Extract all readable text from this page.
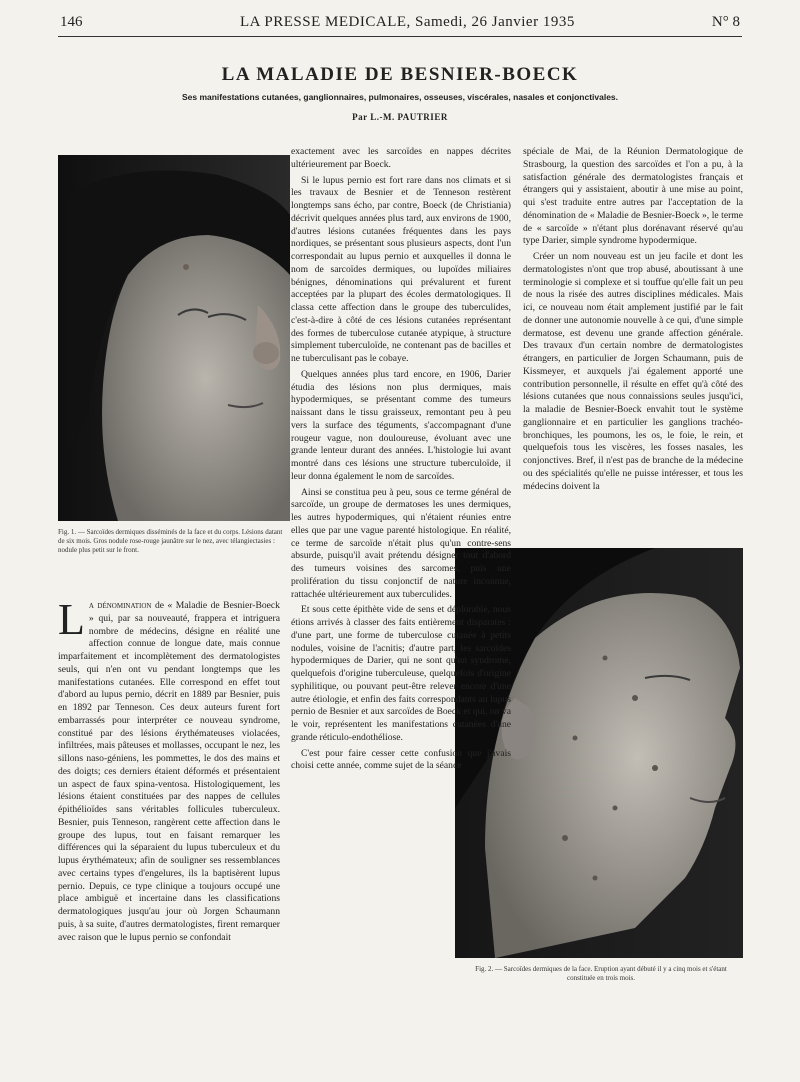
146	LA PRESSE MEDICALE, Samedi, 26 Janvier 1935	N° 8
LA MALADIE DE BESNIER-BOECK
Ses manifestations cutanées, ganglionnaires, pulmonaires, osseuses, viscérales, nasales et conjonctivales.
Par L.-M. PAUTRIER
Fig. 1. — Sarcoïdes dermiques disséminés de la face et du corps. Lésions datant de six mois. Gros nodule rose-rouge jaunâtre sur le nez, avec télangiectasies : nodule plus petit sur le front.
Fig. 2. — Sarcoïdes dermiques de la face. Eruption ayant débuté il y a cinq mois et s'étant constituée en trois mois.

La dénomination de « Maladie de Besnier-Boeck » qui, par sa nouveauté, frappera et intriguera nombre de médecins, désigne en réalité une affection connue de longue date, mais connue imparfaitement et incomplètement des dermatologistes seuls, qui n'en ont vu pendant longtemps que les manifestations cutanées. Elle correspond en effet tout d'abord au lupus pernio, décrit en 1889 par Besnier, puis en 1892 par Tenneson. Ces deux auteurs furent fort embarrassés pour interpréter ce nouveau syndrome, constitué par des lésions érythémateuses violacées, infiltrées, mais pâteuses et mollasses, occupant le nez, les sillons naso-géniens, les pommettes, le dos des mains et des doigts; ces derniers étaient déformés et présentaient un aspect de faux spina-ventosa. Histologiquement, les lésions étaient constituées par des nappes de cellules épithélioïdes sans véritables follicules tuberculeux. Besnier, puis Tenneson, rangèrent cette affection dans le groupe des lupus, tout en faisant remarquer les différences qui la séparaient du lupus tuberculeux et du lupus érythémateux; afin de souligner ses ressemblances avec certains types d'engelures, ils la baptisèrent lupus pernio. Depuis, ce type clinique a toujours occupé une place ambiguë et incertaine dans les classifications dermatologiques jusqu'au jour où Jorgen Schaumann puis, à sa suite, d'autres dermatologistes, firent remarquer avec raison que le lupus pernio se confondait

exactement avec les sarcoïdes en nappes décrites ultérieurement par Boeck.

Si le lupus pernio est fort rare dans nos climats et si les travaux de Besnier et de Tenneson restèrent longtemps sans écho, par contre, Boeck (de Christiania) décrivit quelques années plus tard, aux environs de 1900, d'autres lésions cutanées fréquentes dans les pays nordiques, se présentant sous plusieurs aspects, dont l'un correspondait au lupus pernio et auxquelles il donna le nom de sarcoïdes dermiques, ou lupoïdes miliaires bénignes, dénominations qui prévalurent et furent acceptées par la plupart des écoles dermatologiques. Il classa cette affection dans le groupe des tuberculides, c'est-à-dire à côté de ces lésions cutanées représentant des formes de tuberculose cutanée atypique, à structure simplement tuberculoïde, ne contenant pas de bacilles et ne tuberculisant pas le cobaye.

Quelques années plus tard encore, en 1906, Darier étudia des lésions non plus dermiques, mais hypodermiques, se présentant comme des tumeurs naissant dans le tissu graisseux, remontant peu à peu vers la surface des téguments, s'accompagnant d'une rougeur vague, non douloureuse, évoluant avec une grande lenteur durant des années. L'histologie lui avant montré dans ces lésions une structure tuberculoïde, il leur donna également le nom de sarcoïdes.

Ainsi se constitua peu à peu, sous ce terme général de sarcoïde, un groupe de dermatoses les unes dermiques, les autres hypodermiques, qui n'étaient réunies entre elles que par une vague parenté histologique. En réalité, ce terme de sarcoïde n'était plus qu'un contre-sens absurde, puisqu'il avait prétendu désigner tout d'abord des tumeurs voisines des sarcomes, puis une prolifération du tissu conjonctif de nature inconnue, rattachée ultérieurement aux tuberculides.

Et sous cette épithète vide de sens et déplorable, nous étions arrivés à classer des faits entièrement disparates : d'une part, une forme de tuberculose cutanée à petits nodules, voisine de l'acnitis; d'autre part, les sarcoïdes hypodermiques de Darier, qui ne sont qu'un syndrome, quelquefois d'origine tuberculeuse, quelquefois d'origine syphilitique, ou pouvant peut-être relever encore d'une autre étiologie, et enfin des faits correspondants au lupus pernio de Besnier et aux sarcoïdes de Boeck et qui, on va le voir, représentent les manifestations cutanées d'une grande réticulo-endothéliose.

C'est pour faire cesser cette confusion que j'avais choisi cette année, comme sujet de la séance

spéciale de Mai, de la Réunion Dermatologique de Strasbourg, la question des sarcoïdes et l'on a pu, à la satisfaction générale des dermatologistes français et étrangers qui y assistaient, aboutir à une mise au point, qui s'est traduite entre autres par l'acceptation de la dénomination de « Maladie de Besnier-Boeck », le terme de « sarcoïde » n'étant plus dorénavant réservé qu'au type Darier, simple syndrome hypodermique.

Créer un nom nouveau est un jeu facile et dont les dermatologistes n'ont que trop abusé, aboutissant à une terminologie si complexe et si touffue qu'elle fait un peu de nous la risée des autres disciplines médicales. Mais ici, ce nouveau nom était amplement justifié par le fait de donner une autonomie nouvelle à ce qui, d'une simple dermatose, est devenu une grande affection générale. Des travaux d'un certain nombre de dermatologistes étrangers, en particulier de Jorgen Schaumann, puis de Kissmeyer, et auxquels j'ai également apporté une contribution personnelle, il résulte en effet qu'à côté des lésions cutanées que nous connaissions seules jusqu'ici, la maladie de Besnier-Boeck envahit tout le système ganglionnaire et en particulier les ganglions trachéo-bronchiques, les poumons, les os, le foie, le rein, et quelquefois tous les viscères, les fosses nasales, les conjonctives. Bref, il n'est pas de branche de la médecine ou des spécialités qu'elle ne puisse intéresser, et tous les médecins doivent la
